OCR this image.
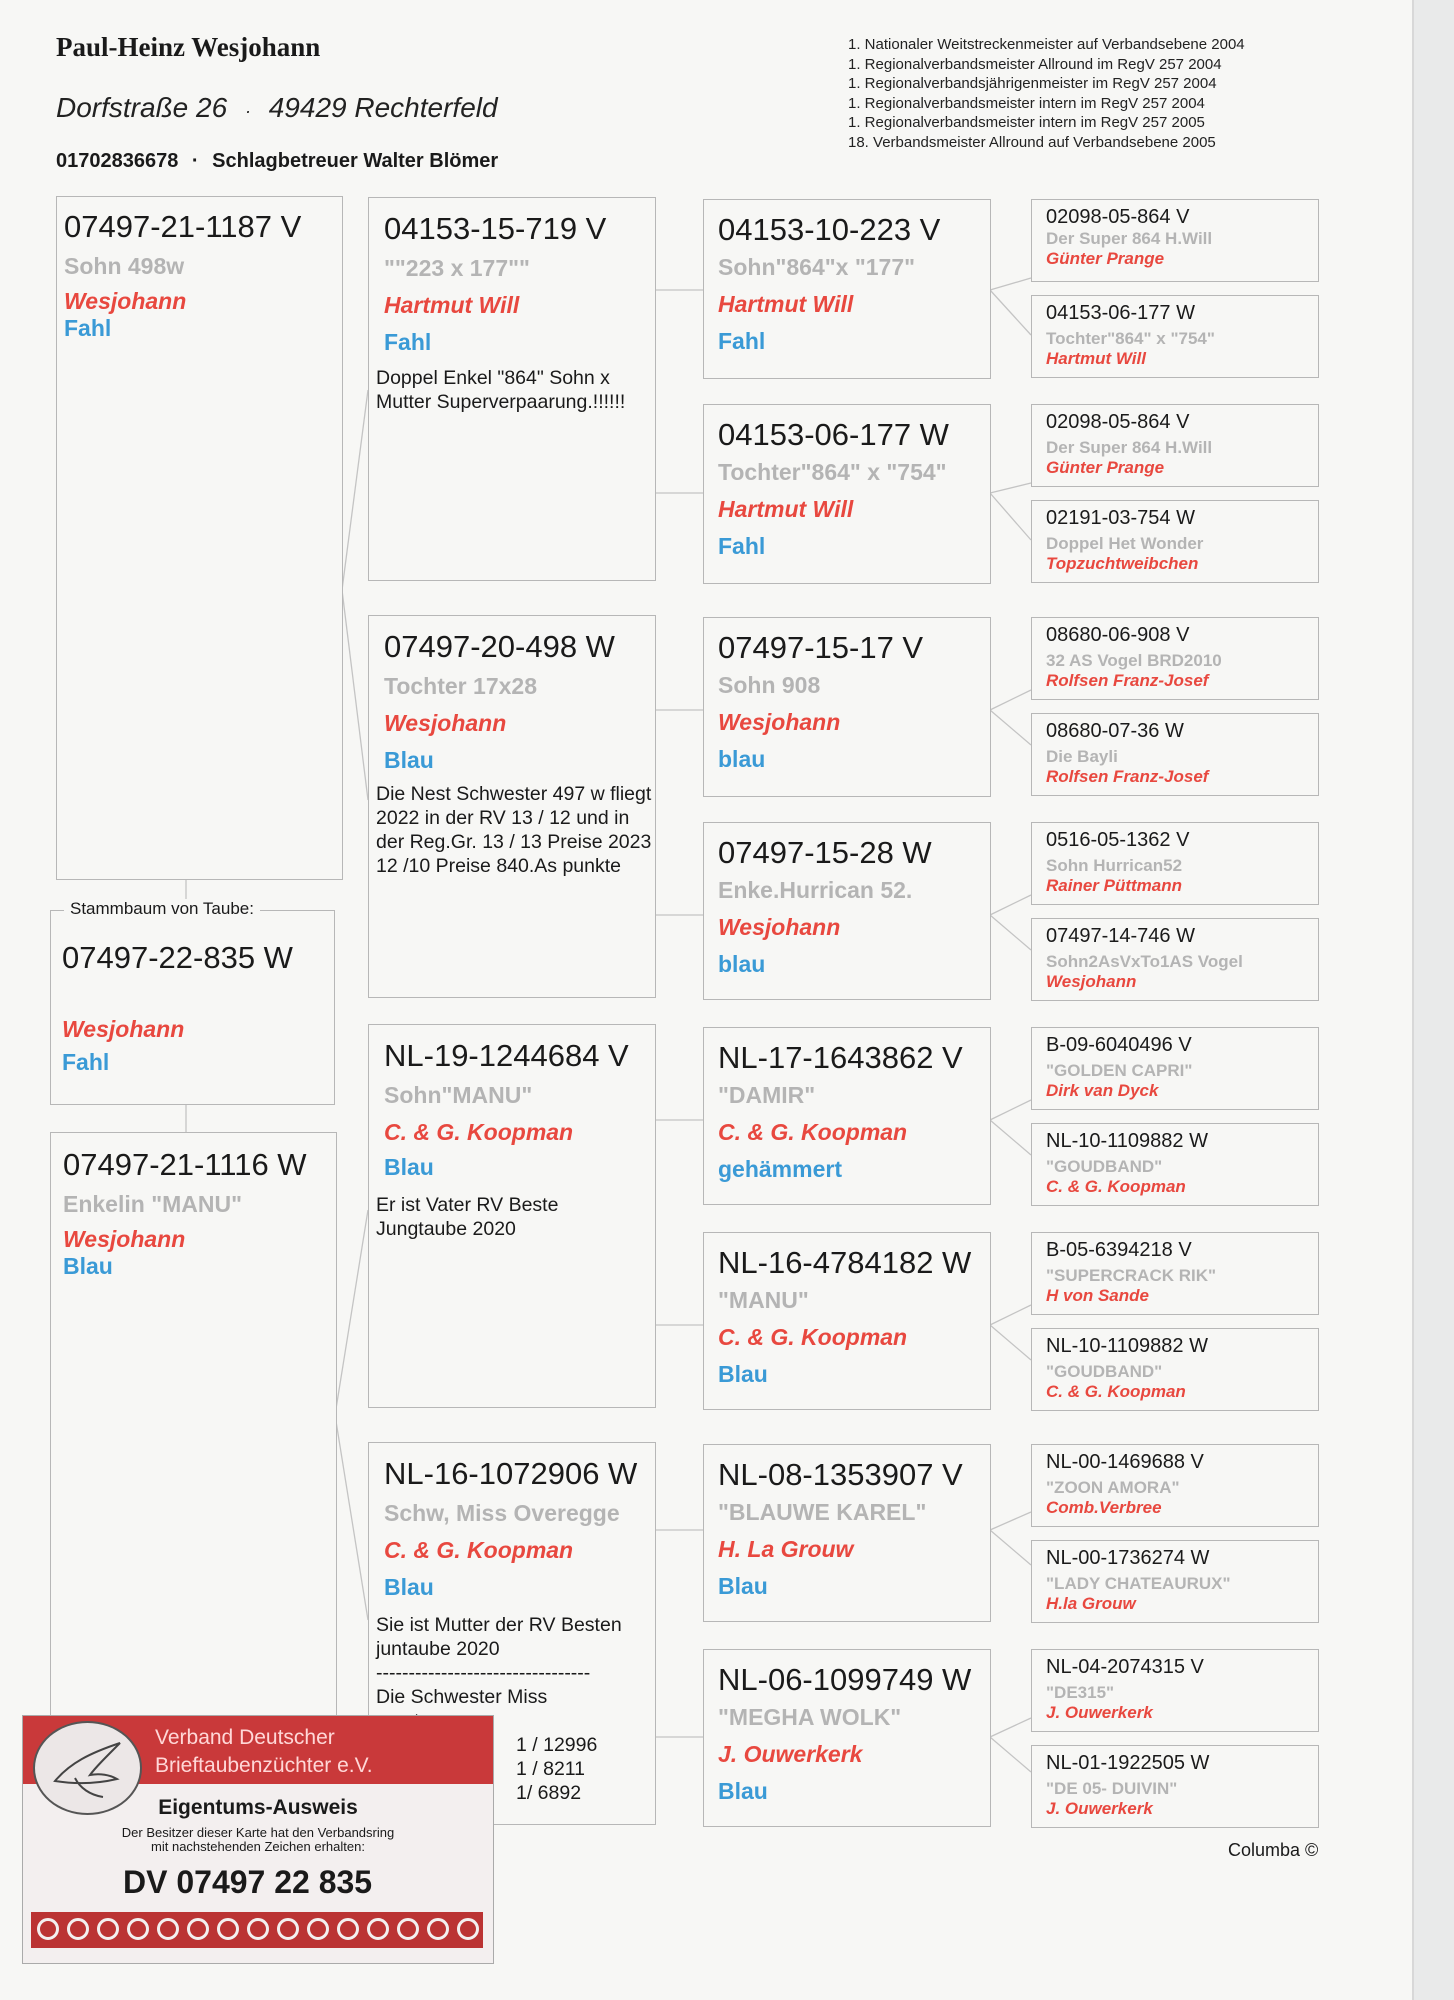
Paul-Heinz Wesjohann
Dorfstraße 26 · 49429 Rechterfeld
01702836678 · Schlagbetreuer Walter Blömer
1. Nationaler Weitstreckenmeister auf Verbandsebene 2004
1. Regionalverbandsmeister Allround im RegV 257 2004
1. Regionalverbandsjährigenmeister im RegV 257 2004
1. Regionalverbandsmeister intern im RegV 257 2004
1. Regionalverbandsmeister intern im RegV 257 2005
18. Verbandsmeister Allround auf Verbandsebene 2005
07497-21-1187 V
Sohn 498w
Wesjohann
Fahl
Stammbaum von Taube:
07497-22-835 W
Wesjohann
Fahl
07497-21-1116 W
Enkelin "MANU"
Wesjohann
Blau
04153-15-719 V
""223 x 177""
Hartmut Will
Fahl
Doppel Enkel "864" Sohn x Mutter Superverpaarung.!!!!!!
07497-20-498 W
Tochter 17x28
Wesjohann
Blau
Die Nest Schwester 497 w fliegt 2022 in der RV 13 / 12 und in der Reg.Gr. 13 / 13 Preise 2023 12 /10 Preise 840.As punkte
NL-19-1244684 V
Sohn"MANU"
C. & G. Koopman
Blau
Er ist Vater RV Beste Jungtaube 2020
NL-16-1072906 W
Schw, Miss Overegge
C. & G. Koopman
Blau
Sie ist Mutter der RV Besten juntaube 2020
---------------------------------
Die Schwester Miss
1 / 12996
1 / 8211
1/ 6892
04153-10-223 V
Sohn"864"x "177"
Hartmut Will
Fahl
04153-06-177 W
Tochter"864" x "754"
Hartmut Will
Fahl
07497-15-17 V
Sohn 908
Wesjohann
blau
07497-15-28 W
Enke.Hurrican 52.
Wesjohann
blau
NL-17-1643862 V
"DAMIR"
C. & G. Koopman
gehämmert
NL-16-4784182 W
"MANU"
C. & G. Koopman
Blau
NL-08-1353907 V
"BLAUWE KAREL"
H. La Grouw
Blau
NL-06-1099749 W
"MEGHA WOLK"
J. Ouwerkerk
Blau
02098-05-864 V
Der Super 864 H.Will
Günter Prange
04153-06-177 W
Tochter"864" x "754"
Hartmut Will
02098-05-864 V
Der Super 864 H.Will
Günter Prange
02191-03-754 W
Doppel Het Wonder
Topzuchtweibchen
08680-06-908 V
32 AS Vogel BRD2010
Rolfsen Franz-Josef
08680-07-36 W
Die Bayli
Rolfsen Franz-Josef
0516-05-1362 V
Sohn Hurrican52
Rainer Püttmann
07497-14-746 W
Sohn2AsVxTo1AS Vogel
Wesjohann
B-09-6040496 V
"GOLDEN CAPRI"
Dirk van Dyck
NL-10-1109882 W
"GOUDBAND"
C. & G. Koopman
B-05-6394218 V
"SUPERCRACK RIK"
H von Sande
NL-10-1109882 W
"GOUDBAND"
C. & G. Koopman
NL-00-1469688 V
"ZOON AMORA"
Comb.Verbree
NL-00-1736274 W
"LADY CHATEAURUX"
H.la Grouw
NL-04-2074315 V
"DE315"
J. Ouwerkerk
NL-01-1922505 W
"DE 05- DUIVIN"
J. Ouwerkerk
Verband Deutscher
Brieftaubenzüchter e.V.
Eigentums-Ausweis
Der Besitzer dieser Karte hat den Verbandsring
mit nachstehenden Zeichen erhalten:
DV 07497 22 835
Columba ©
